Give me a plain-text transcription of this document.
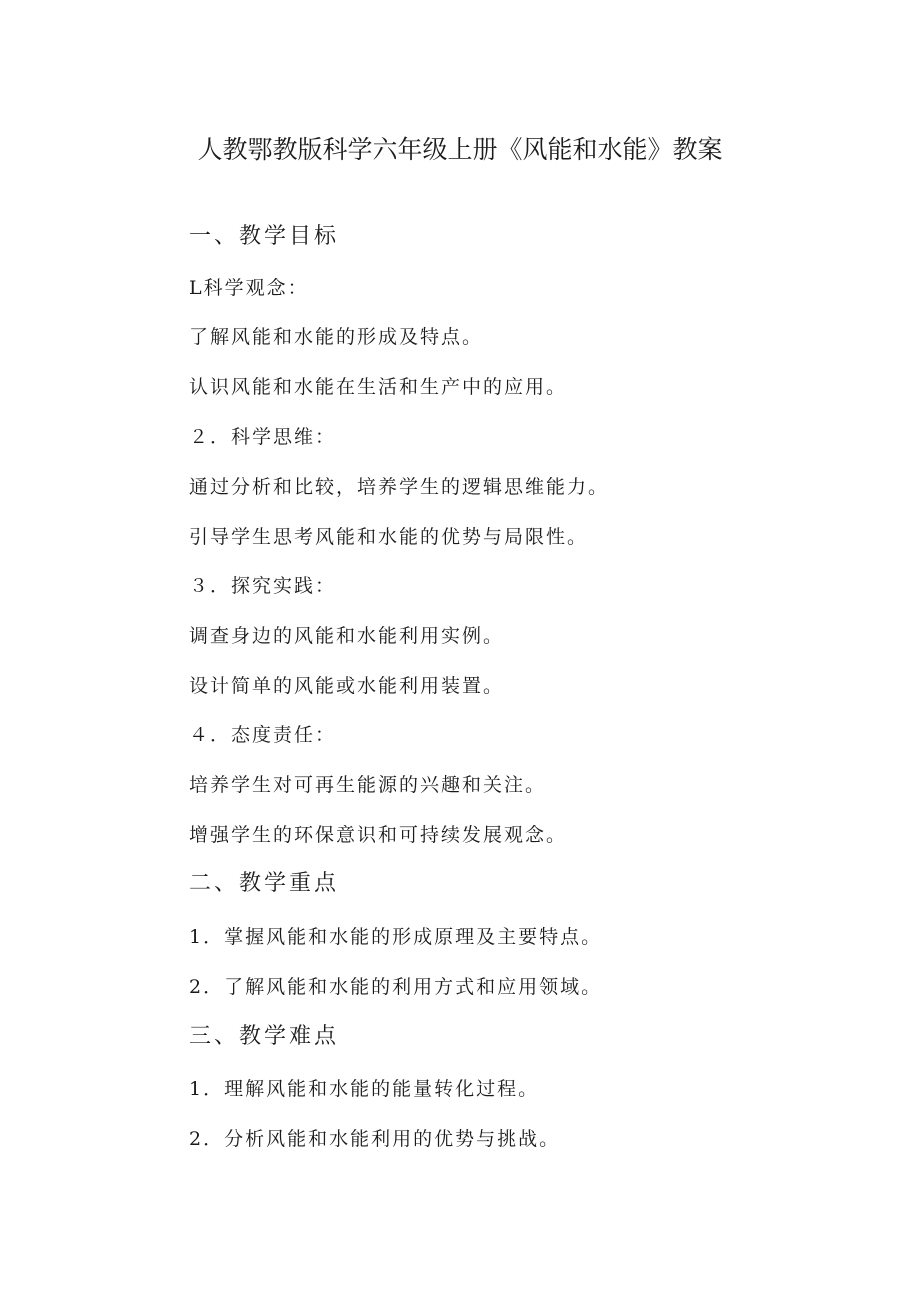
人教鄂教版科学六年级上册《风能和水能》教案
一、教学目标
L科学观念：
了解风能和水能的形成及特点。
认识风能和水能在生活和生产中的应用。
２．科学思维：
通过分析和比较，培养学生的逻辑思维能力。
引导学生思考风能和水能的优势与局限性。
３．探究实践：
调查身边的风能和水能利用实例。
设计简单的风能或水能利用装置。
４．态度责任：
培养学生对可再生能源的兴趣和关注。
增强学生的环保意识和可持续发展观念。
二、教学重点
1．掌握风能和水能的形成原理及主要特点。
2．了解风能和水能的利用方式和应用领域。
三、教学难点
1．理解风能和水能的能量转化过程。
2．分析风能和水能利用的优势与挑战。
